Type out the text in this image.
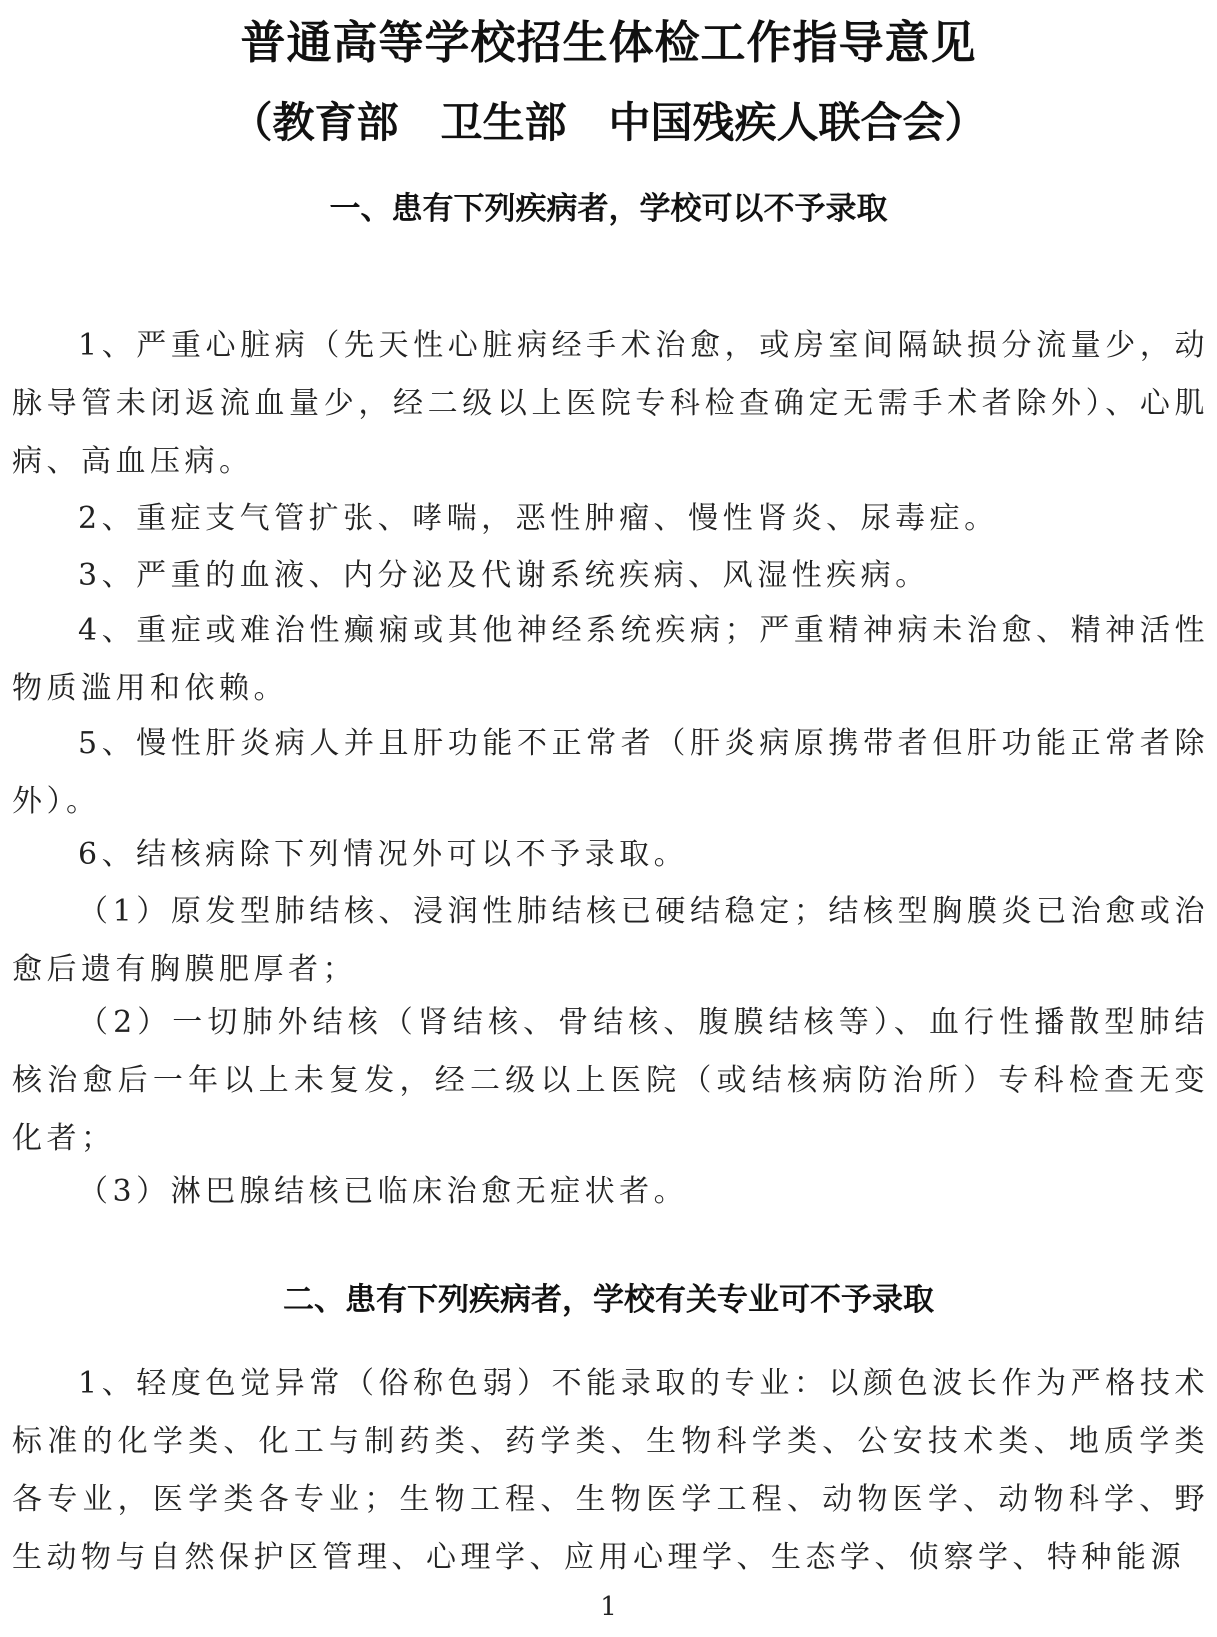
普通高等学校招生体检工作指导意见
（教育部　卫生部　中国残疾人联合会）
一、患有下列疾病者，学校可以不予录取

1、严重心脏病（先天性心脏病经手术治愈，或房室间隔缺损分流量少，动脉导管未闭返流血量少，经二级以上医院专科检查确定无需手术者除外）、心肌病、高血压病。

2、重症支气管扩张、哮喘，恶性肿瘤、慢性肾炎、尿毒症。

3、严重的血液、内分泌及代谢系统疾病、风湿性疾病。

4、重症或难治性癫痫或其他神经系统疾病；严重精神病未治愈、精神活性物质滥用和依赖。

5、慢性肝炎病人并且肝功能不正常者（肝炎病原携带者但肝功能正常者除外）。

6、结核病除下列情况外可以不予录取。

（1）原发型肺结核、浸润性肺结核已硬结稳定；结核型胸膜炎已治愈或治愈后遗有胸膜肥厚者；

（2）一切肺外结核（肾结核、骨结核、腹膜结核等）、血行性播散型肺结核治愈后一年以上未复发，经二级以上医院（或结核病防治所）专科检查无变化者；

（3）淋巴腺结核已临床治愈无症状者。

二、患有下列疾病者，学校有关专业可不予录取

1、轻度色觉异常（俗称色弱）不能录取的专业：以颜色波长作为严格技术标准的化学类、化工与制药类、药学类、生物科学类、公安技术类、地质学类各专业，医学类各专业；生物工程、生物医学工程、动物医学、动物科学、野生动物与自然保护区管理、心理学、应用心理学、生态学、侦察学、特种能源

1
